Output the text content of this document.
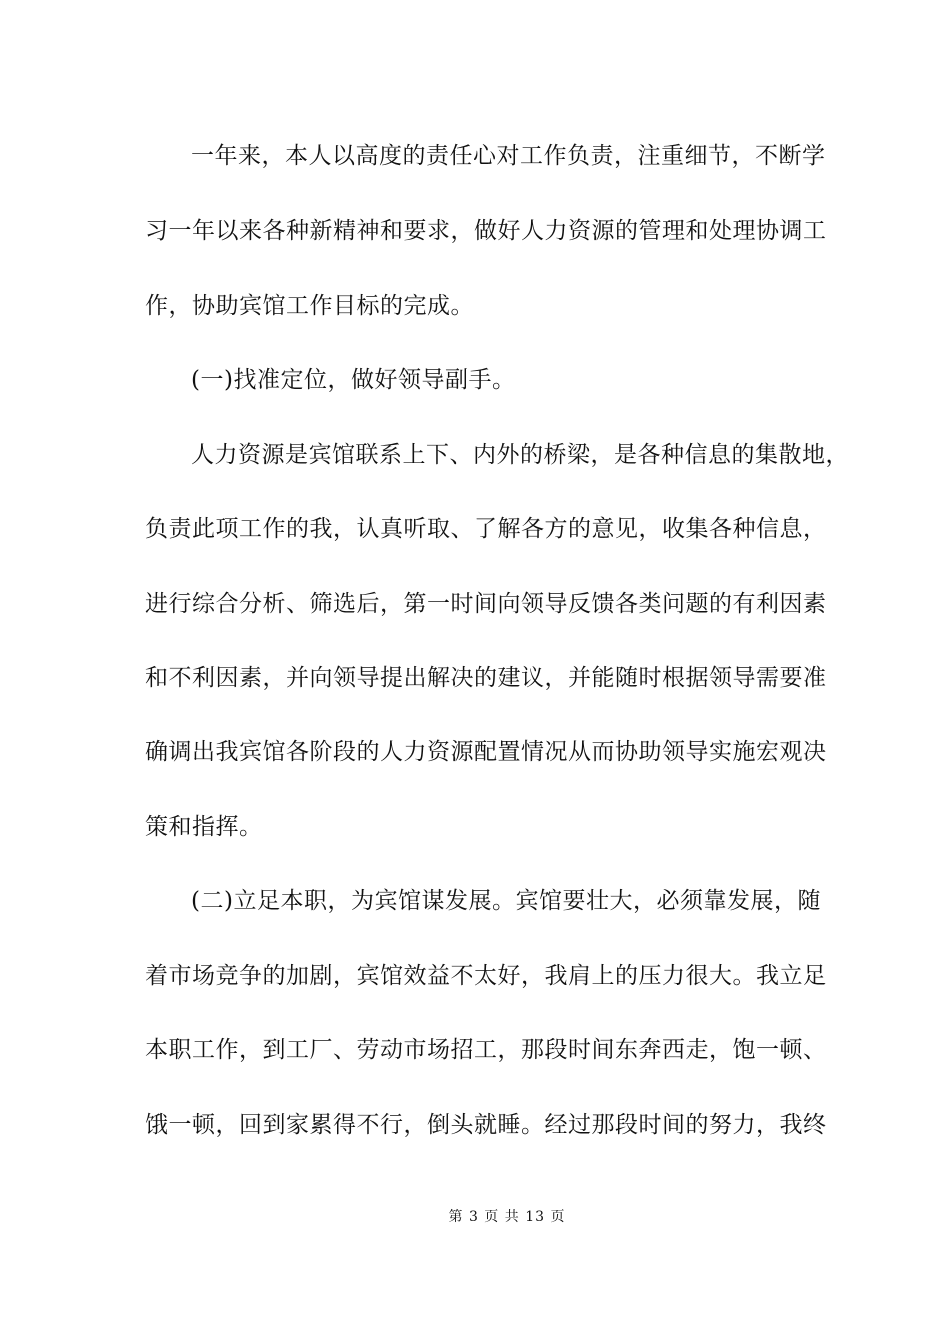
一年来，本人以高度的责任心对工作负责，注重细节，不断学
习一年以来各种新精神和要求，做好人力资源的管理和处理协调工
作，协助宾馆工作目标的完成。
(一)找准定位，做好领导副手。
人力资源是宾馆联系上下、内外的桥梁，是各种信息的集散地，
负责此项工作的我，认真听取、了解各方的意见，收集各种信息，
进行综合分析、筛选后，第一时间向领导反馈各类问题的有利因素
和不利因素，并向领导提出解决的建议，并能随时根据领导需要准
确调出我宾馆各阶段的人力资源配置情况从而协助领导实施宏观决
策和指挥。
(二)立足本职，为宾馆谋发展。宾馆要壮大，必须靠发展，随
着市场竞争的加剧，宾馆效益不太好，我肩上的压力很大。我立足
本职工作，到工厂、劳动市场招工，那段时间东奔西走，饱一顿、
饿一顿，回到家累得不行，倒头就睡。经过那段时间的努力，我终
第 3 页 共 13 页
